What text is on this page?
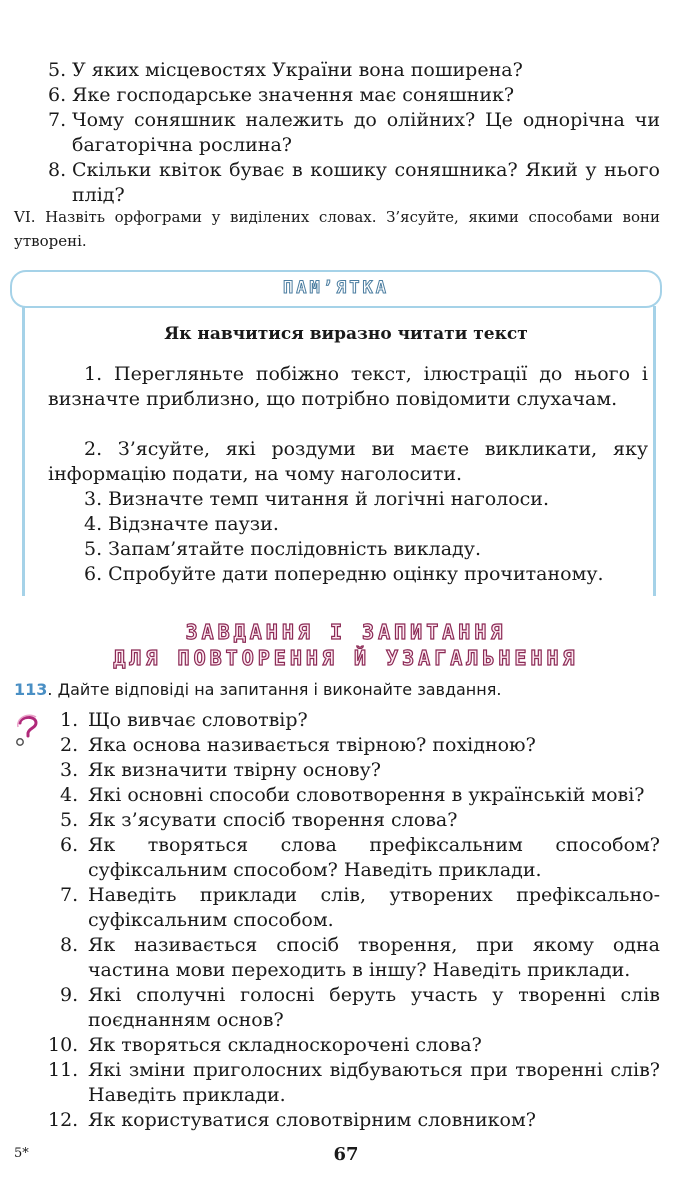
5. У яких місцевостях України вона поширена?
6. Яке господарське значення має соняшник?
7. Чому соняшник належить до олійних? Це однорічна чи багаторічна рослина?
8. Скільки квіток буває в кошику соняшника? Який у нього плід?
VI. Назвіть орфограми у виділених словах. З’ясуйте, якими способами вони утворені.
ПАМ’ЯТКА
Як навчитися виразно читати текст
1. Перегляньте побіжно текст, ілюстрації до нього і визначте приблизно, що потрібно повідомити слухачам.
2. З’ясуйте, які роздуми ви маєте викликати, яку інформацію подати, на чому наголосити.
3. Визначте темп читання й логічні наголоси.
4. Відзначте паузи.
5. Запам’ятайте послідовність викладу.
6. Спробуйте дати попередню оцінку прочитаному.
ЗАВДАННЯ І ЗАПИТАННЯ
ДЛЯ ПОВТОРЕННЯ Й УЗАГАЛЬНЕННЯ
113. Дайте відповіді на запитання і виконайте завдання.
1. Що вивчає словотвір?
2. Яка основа називається твірною? похідною?
3. Як визначити твірну основу?
4. Які основні способи словотворення в українській мові?
5. Як з’ясувати спосіб творення слова?
6. Як творяться слова префіксальним способом? суфіксальним способом? Наведіть приклади.
7. Наведіть приклади слів, утворених префіксально-суфіксальним способом.
8. Як називається спосіб творення, при якому одна частина мови переходить в іншу? Наведіть приклади.
9. Які сполучні голосні беруть участь у творенні слів поєднанням основ?
10. Як творяться складноскорочені слова?
11. Які зміни приголосних відбуваються при творенні слів? Наведіть приклади.
12. Як користуватися словотвірним словником?
5*	67
